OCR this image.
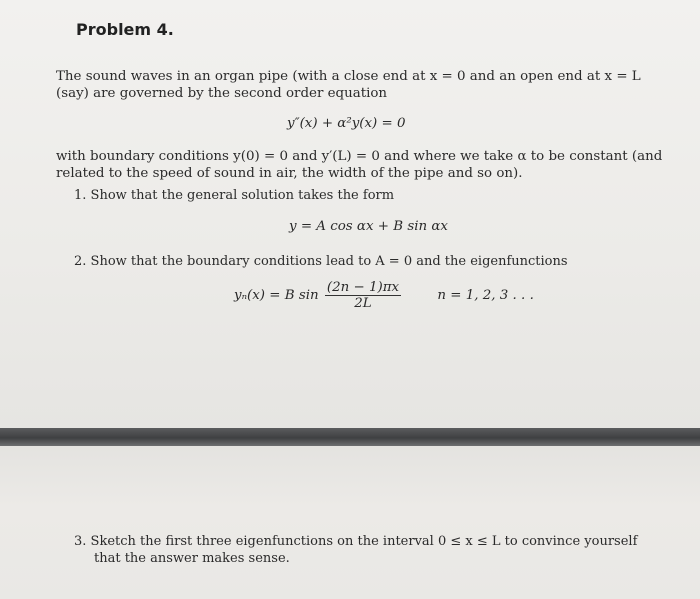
Problem 4.
The sound waves in an organ pipe (with a close end at x = 0 and an open end at x = L
(say) are governed by the second order equation
y″(x) + α²y(x) = 0
with boundary conditions y(0) = 0 and y′(L) = 0 and where we take α to be constant (and
related to the speed of sound in air, the width of the pipe and so on).
1. Show that the general solution takes the form
y = A cos αx + B sin αx
2. Show that the boundary conditions lead to A = 0 and the eigenfunctions
yₙ(x) = B $\sin \frac{(2n - 1)\pi x}{2L}$	n = 1, 2, 3 . . .
3. Sketch the first three eigenfunctions on the interval 0 ≤ x ≤ L to convince yourself
that the answer makes sense.
